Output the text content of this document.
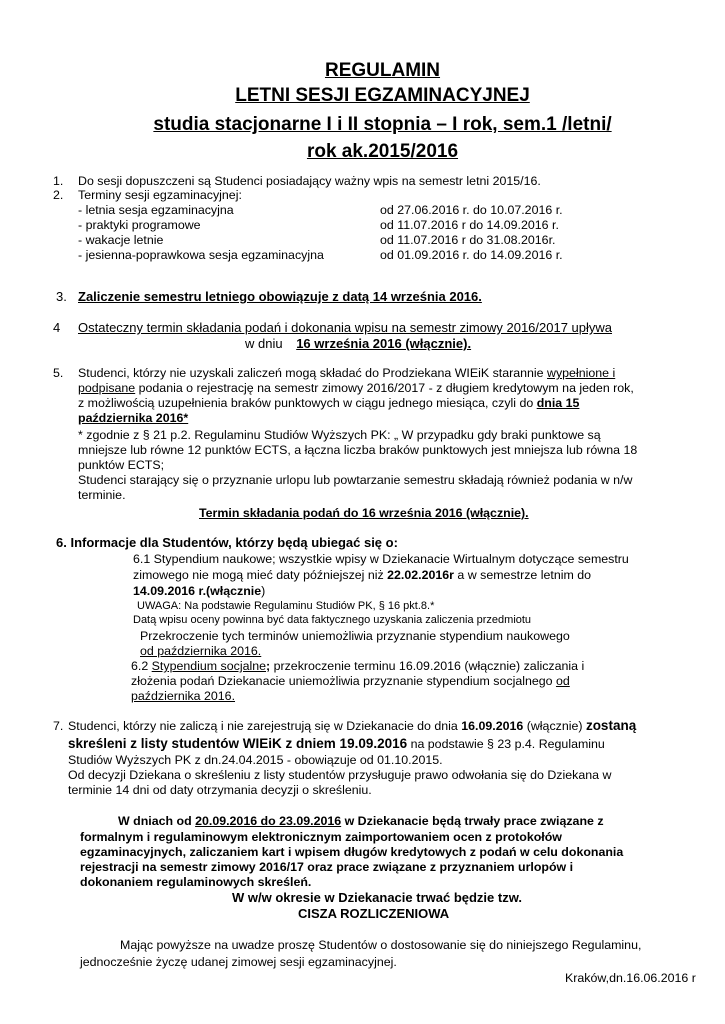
REGULAMIN
LETNI SESJI EGZAMINACYJNEJ
studia stacjonarne I i II stopnia – I rok, sem.1 /letni/
rok ak.2015/2016
1. Do sesji dopuszczeni są Studenci posiadający ważny wpis na semestr letni 2015/16.
2. Terminy sesji egzaminacyjnej:
- letnia sesja egzaminacyjna	od 27.06.2016 r. do 10.07.2016 r.
- praktyki programowe	od 11.07.2016 r do 14.09.2016 r.
- wakacje letnie	od 11.07.2016 r do 31.08.2016r.
- jesienna-poprawkowa sesja egzaminacyjna	od 01.09.2016 r. do 14.09.2016 r.
3. Zaliczenie semestru letniego obowiązuje z datą 14 września 2016.
4 Ostateczny termin składania podań i dokonania wpisu na semestr zimowy 2016/2017 upływa
w dniu 16 września 2016 (włącznie).
5. Studenci, którzy nie uzyskali zaliczeń mogą składać do Prodziekana WIEiK starannie wypełnione i
podpisane podania o rejestrację na semestr zimowy 2016/2017 - z długiem kredytowym na jeden rok,
z możliwością uzupełnienia braków punktowych w ciągu jednego miesiąca, czyli do dnia 15
października 2016*
* zgodnie z § 21 p.2. Regulaminu Studiów Wyższych PK: „ W przypadku gdy braki punktowe są
mniejsze lub równe 12 punktów ECTS, a łączna liczba braków punktowych jest mniejsza lub równa 18
punktów ECTS;
Studenci starający się o przyznanie urlopu lub powtarzanie semestru składają również podania w n/w
terminie.
Termin składania podań do 16 września 2016 (włącznie).
6. Informacje dla Studentów, którzy będą ubiegać się o:
6.1 Stypendium naukowe; wszystkie wpisy w Dziekanacie Wirtualnym dotyczące semestru
zimowego nie mogą mieć daty późniejszej niż 22.02.2016r a w semestrze letnim do
14.09.2016 r.(włącznie)
UWAGA: Na podstawie Regulaminu Studiów PK, § 16 pkt.8.*
Datą wpisu oceny powinna być data faktycznego uzyskania zaliczenia przedmiotu
Przekroczenie tych terminów uniemożliwia przyznanie stypendium naukowego
od października 2016.
6.2 Stypendium socjalne; przekroczenie terminu 16.09.2016 (włącznie) zaliczania i
złożenia podań Dziekanacie uniemożliwia przyznanie stypendium socjalnego od
października 2016.
7. Studenci, którzy nie zaliczą i nie zarejestrują się w Dziekanacie do dnia 16.09.2016 (włącznie) zostaną
skreśleni z listy studentów WIEiK z dniem 19.09.2016 na podstawie § 23 p.4. Regulaminu
Studiów Wyższych PK z dn.24.04.2015 - obowiązuje od 01.10.2015.
Od decyzji Dziekana o skreśleniu z listy studentów przysługuje prawo odwołania się do Dziekana w
terminie 14 dni od daty otrzymania decyzji o skreśleniu.
W dniach od 20.09.2016 do 23.09.2016 w Dziekanacie będą trwały prace związane z
formalnym i regulaminowym elektronicznym zaimportowaniem ocen z protokołów
egzaminacyjnych, zaliczaniem kart i wpisem długów kredytowych z podań w celu dokonania
rejestracji na semestr zimowy 2016/17 oraz prace związane z przyznaniem urlopów i
dokonaniem regulaminowych skreśleń.
W w/w okresie w Dziekanacie trwać będzie tzw.
CISZA ROZLICZENIOWA
Mając powyższe na uwadze proszę Studentów o dostosowanie się do niniejszego Regulaminu,
jednocześnie życzę udanej zimowej sesji egzaminacyjnej.
Kraków,dn.16.06.2016 r
